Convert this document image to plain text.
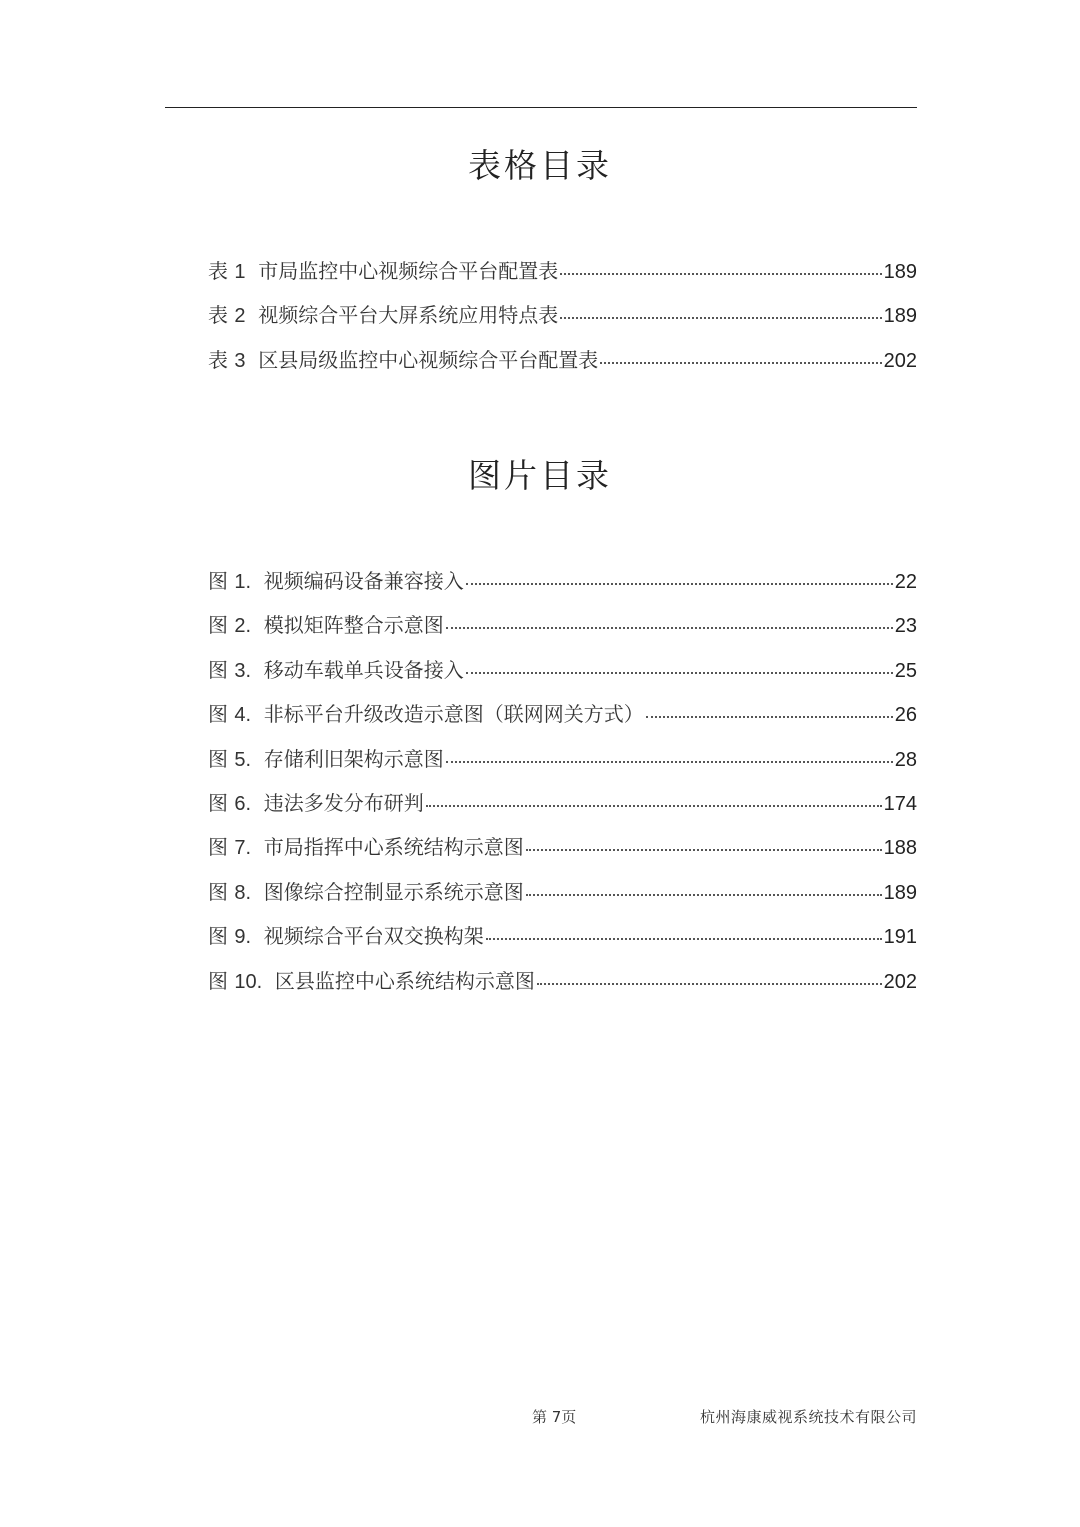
表格目录
表 1 市局监控中心视频综合平台配置表	189
表 2 视频综合平台大屏系统应用特点表	189
表 3 区县局级监控中心视频综合平台配置表	202
图片目录
图 1. 视频编码设备兼容接入	22
图 2. 模拟矩阵整合示意图	23
图 3. 移动车载单兵设备接入	25
图 4. 非标平台升级改造示意图（联网网关方式）	26
图 5. 存储利旧架构示意图	28
图 6. 违法多发分布研判	174
图 7. 市局指挥中心系统结构示意图	188
图 8. 图像综合控制显示系统示意图	189
图 9. 视频综合平台双交换构架	191
图 10. 区县监控中心系统结构示意图	202
第 7页	杭州海康威视系统技术有限公司
